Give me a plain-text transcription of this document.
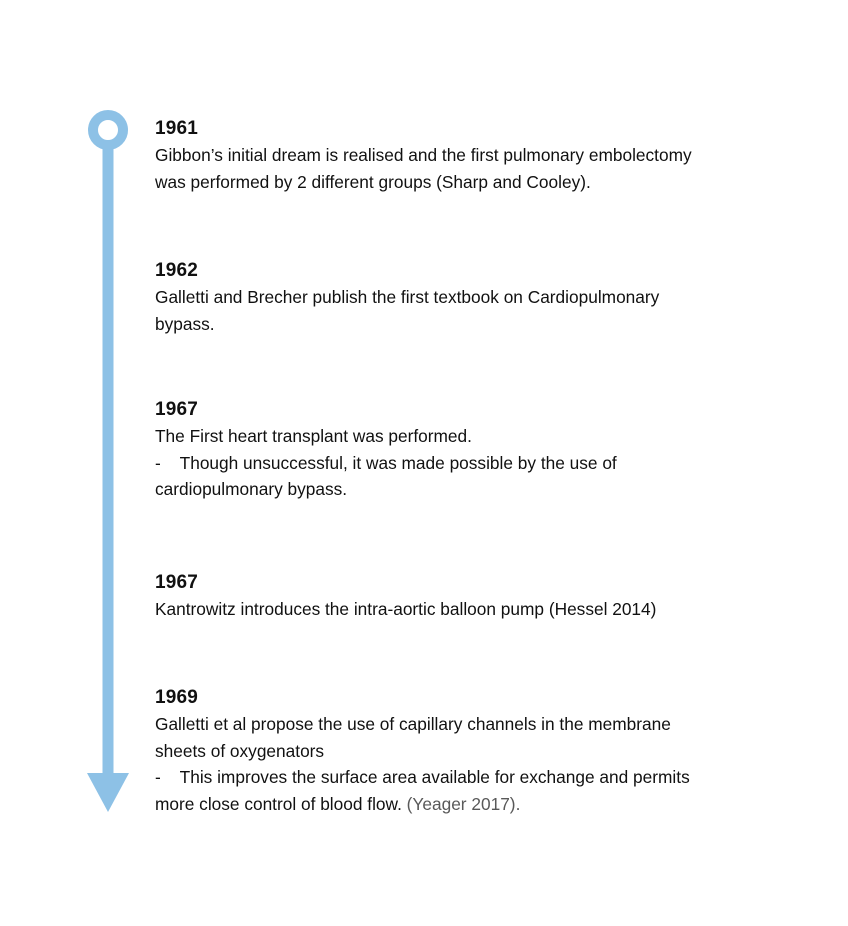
1961
Gibbon’s initial dream is realised and the first pulmonary embolectomy
was performed by 2 different groups (Sharp and Cooley).
1962
Galletti and Brecher publish the first textbook on Cardiopulmonary
bypass.
1967
The First heart transplant was performed.
-    Though unsuccessful, it was made possible by the use of
cardiopulmonary bypass.
1967
Kantrowitz introduces the intra-aortic balloon pump (Hessel 2014)
1969
Galletti et al propose the use of capillary channels in the membrane
sheets of oxygenators
-    This improves the surface area available for exchange and permits
more close control of blood flow. (Yeager 2017).
